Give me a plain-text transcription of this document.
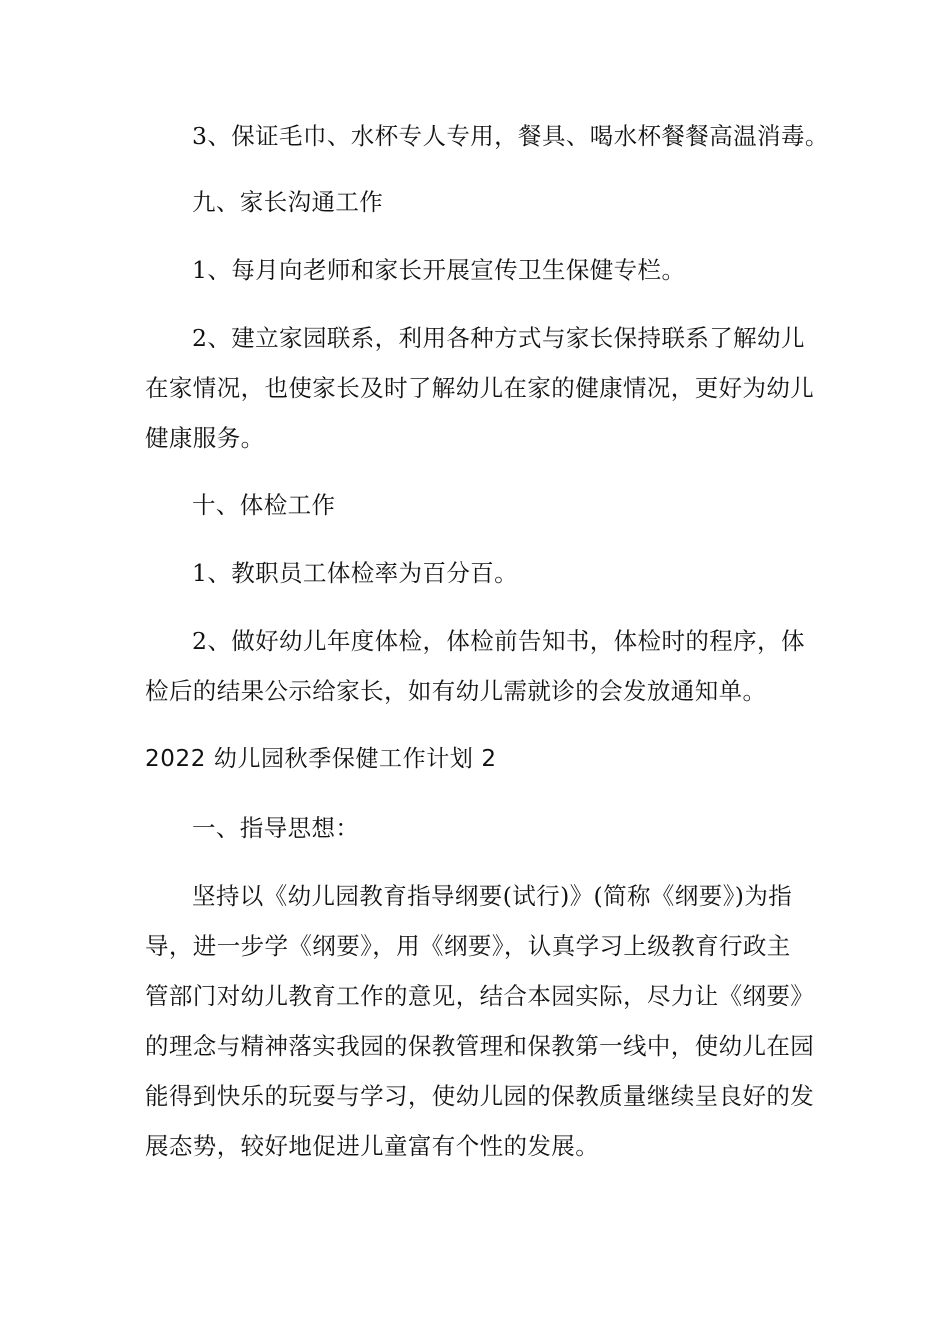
3、保证毛巾、水杯专人专用，餐具、喝水杯餐餐高温消毒。
九、家长沟通工作
1、每月向老师和家长开展宣传卫生保健专栏。
2、建立家园联系，利用各种方式与家长保持联系了解幼儿
在家情况，也使家长及时了解幼儿在家的健康情况，更好为幼儿
健康服务。
十、体检工作
1、教职员工体检率为百分百。
2、做好幼儿年度体检，体检前告知书，体检时的程序，体
检后的结果公示给家长，如有幼儿需就诊的会发放通知单。
2022 幼儿园秋季保健工作计划 2
一、指导思想：
坚持以《幼儿园教育指导纲要(试行)》(简称《纲要》)为指
导，进一步学《纲要》，用《纲要》，认真学习上级教育行政主
管部门对幼儿教育工作的意见，结合本园实际，尽力让《纲要》
的理念与精神落实我园的保教管理和保教第一线中，使幼儿在园
能得到快乐的玩耍与学习，使幼儿园的保教质量继续呈良好的发
展态势，较好地促进儿童富有个性的发展。
